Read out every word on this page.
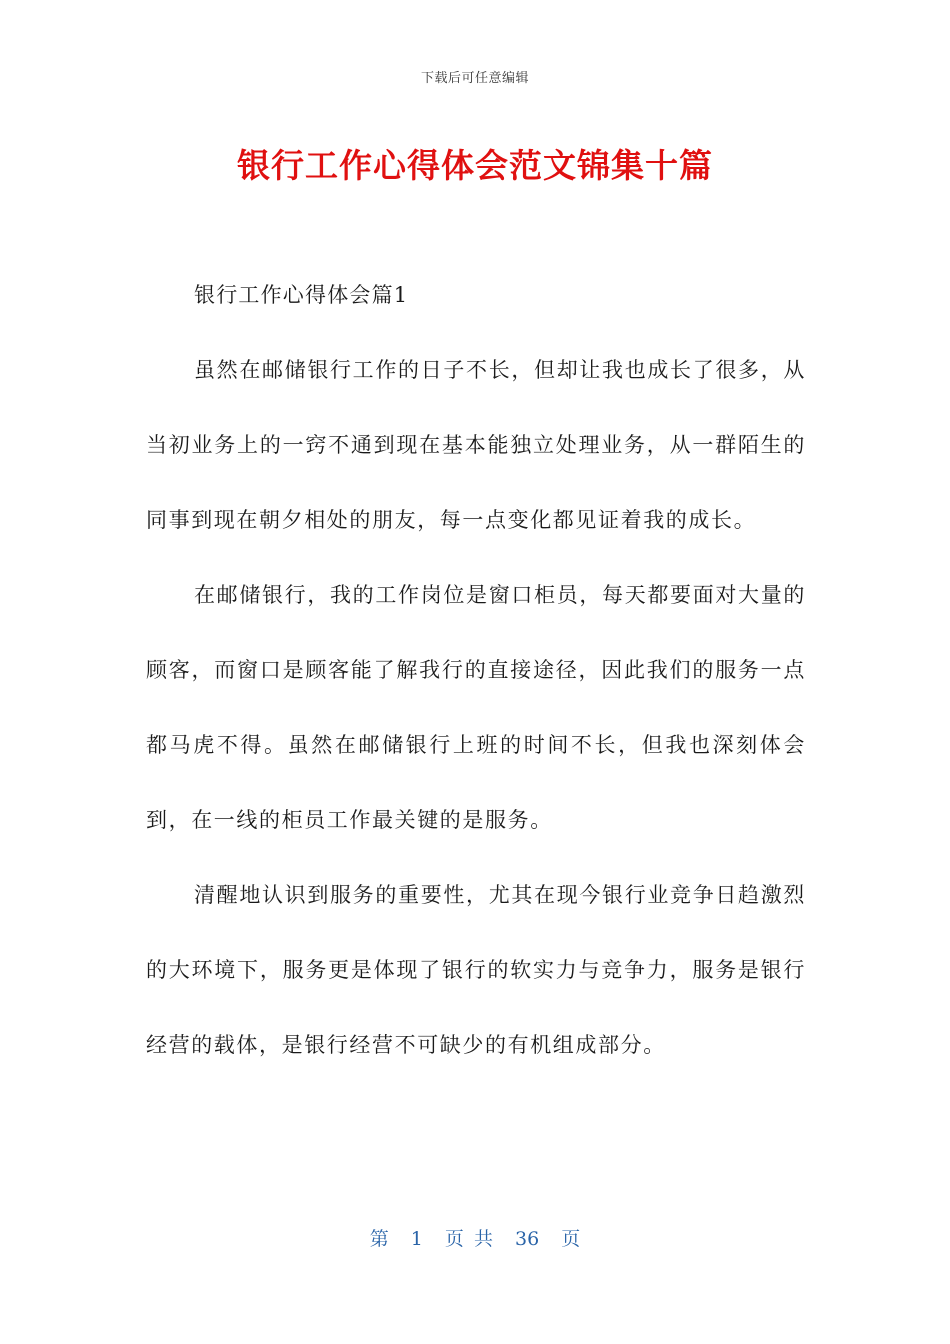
下载后可任意编辑
银行工作心得体会范文锦集十篇

银行工作心得体会篇1

虽然在邮储银行工作的日子不长，但却让我也成长了很多，从当初业务上的一窍不通到现在基本能独立处理业务，从一群陌生的同事到现在朝夕相处的朋友，每一点变化都见证着我的成长。

在邮储银行，我的工作岗位是窗口柜员，每天都要面对大量的顾客，而窗口是顾客能了解我行的直接途径，因此我们的服务一点都马虎不得。虽然在邮储银行上班的时间不长，但我也深刻体会到，在一线的柜员工作最关键的是服务。

清醒地认识到服务的重要性，尤其在现今银行业竞争日趋激烈的大环境下，服务更是体现了银行的软实力与竞争力，服务是银行经营的载体，是银行经营不可缺少的有机组成部分。

第 1 页 共 36 页
